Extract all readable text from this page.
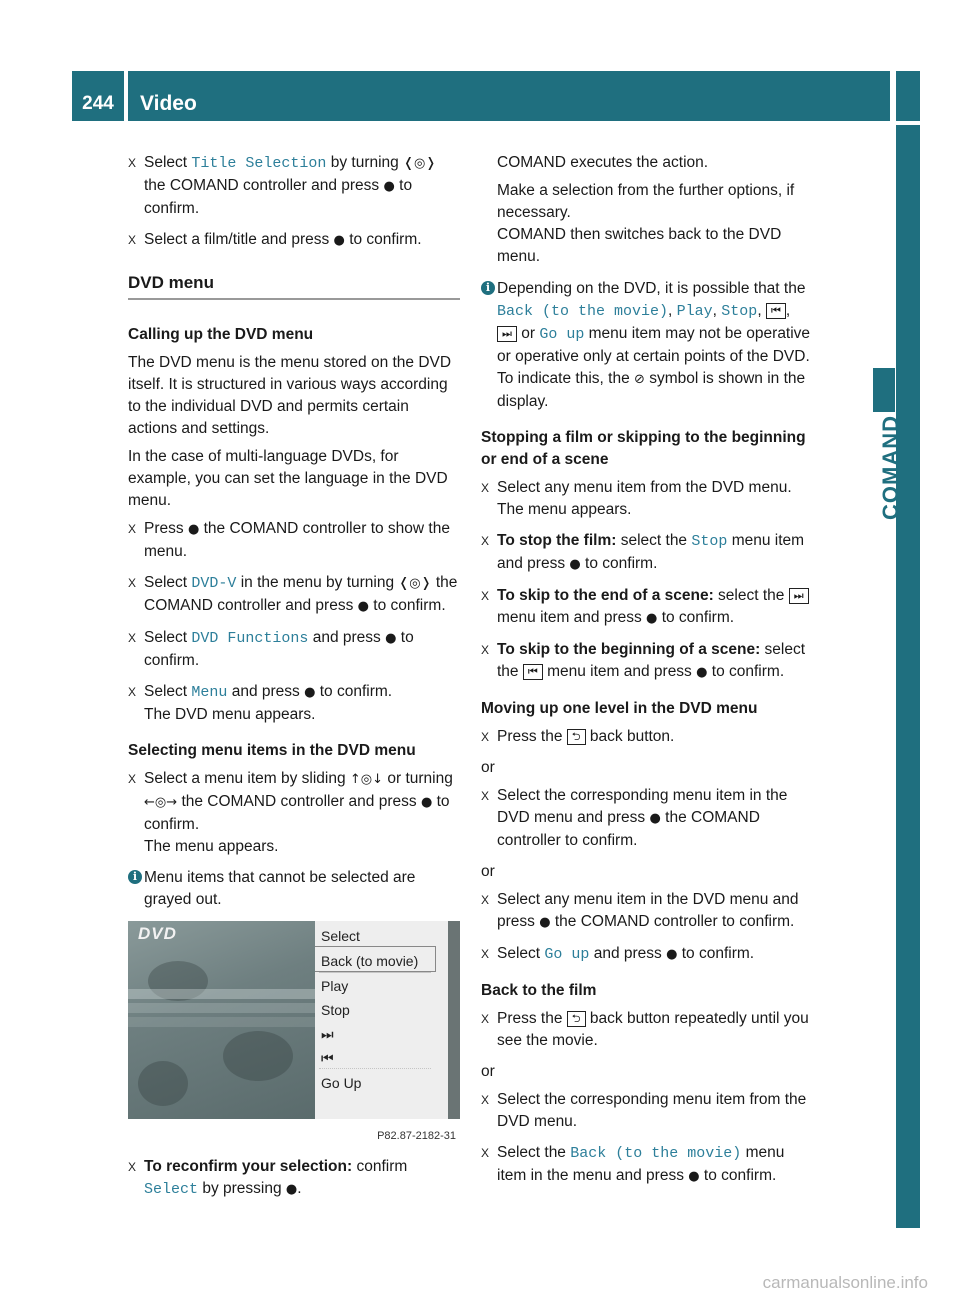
244	Video
COMAND
X Select Title Selection by turning ❬◎❭ the COMAND controller and press ● to confirm.
X Select a film/title and press ● to confirm.
DVD menu
Calling up the DVD menu

The DVD menu is the menu stored on the DVD itself. It is structured in various ways according to the individual DVD and permits certain actions and settings.

In the case of multi-language DVDs, for example, you can set the language in the DVD menu.

X Press ● the COMAND controller to show the menu.
X Select DVD-V in the menu by turning ❬◎❭ the COMAND controller and press ● to confirm.
X Select DVD Functions and press ● to confirm.
X Select Menu and press ● to confirm.
The DVD menu appears.
Selecting menu items in the DVD menu
X Select a menu item by sliding ↑◎↓ or turning ←◎→ the COMAND controller and press ● to confirm.
The menu appears.
i Menu items that cannot be selected are grayed out.
DVD	Select
Back (to movie)
Play
Stop
⏭
⏮
Go Up
P82.87-2182-31
X To reconfirm your selection: confirm Select by pressing ●.

COMAND executes the action.

Make a selection from the further options, if necessary.

COMAND then switches back to the DVD menu.

i Depending on the DVD, it is possible that the Back (to the movie), Play, Stop, ⏮ , ⏭ or Go up menu item may not be operative or operative only at certain points of the DVD. To indicate this, the ⊘ symbol is shown in the display.
Stopping a film or skipping to the beginning or end of a scene
X Select any menu item from the DVD menu. The menu appears.
X To stop the film: select the Stop menu item and press ● to confirm.
X To skip to the end of a scene: select the ⏭ menu item and press ● to confirm.
X To skip to the beginning of a scene: select the ⏮ menu item and press ● to confirm.
Moving up one level in the DVD menu
X Press the ⮌ back button.

or

X Select the corresponding menu item in the DVD menu and press ● the COMAND controller to confirm.

or

X Select any menu item in the DVD menu and press ● the COMAND controller to confirm.
X Select Go up and press ● to confirm.
Back to the film
X Press the ⮌ back button repeatedly until you see the movie.

or

X Select the corresponding menu item from the DVD menu.
X Select the Back (to the movie) menu item in the menu and press ● to confirm.
carmanualsonline.info
